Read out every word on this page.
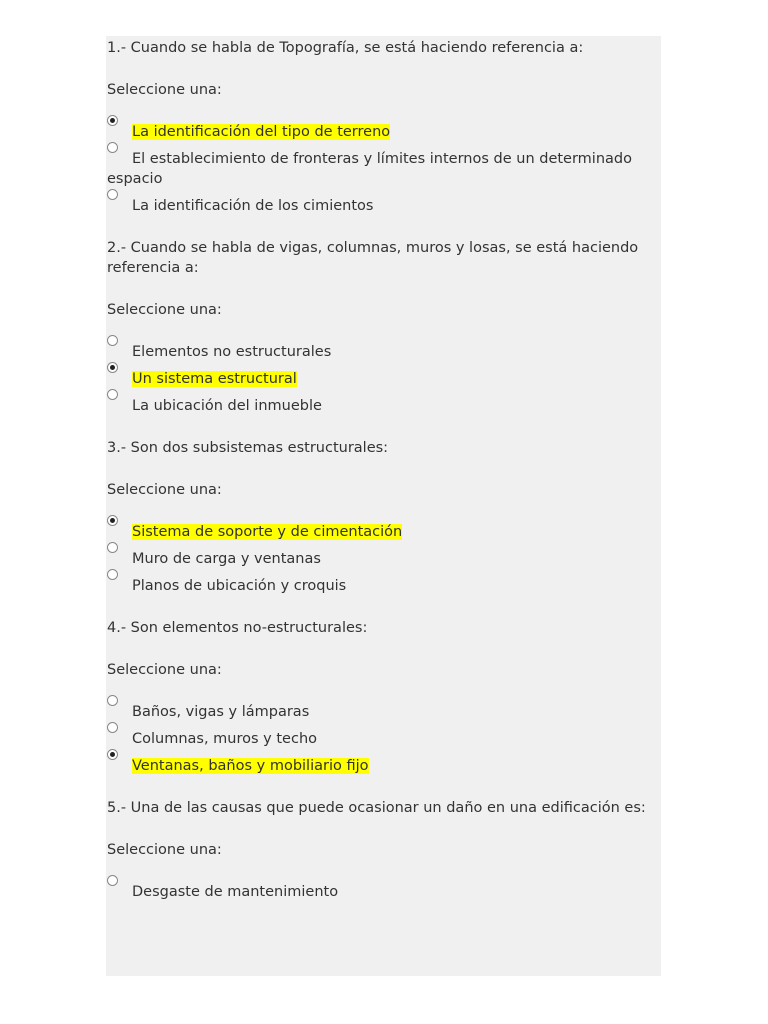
1.- Cuando se habla de Topografía, se está haciendo referencia a:
Seleccione una:
La identificación del tipo de terreno
El establecimiento de fronteras y límites internos de un determinado espacio
La identificación de los cimientos
2.- Cuando se habla de vigas, columnas, muros y losas, se está haciendo referencia a:
Seleccione una:
Elementos no estructurales
Un sistema estructural
La ubicación del inmueble
3.- Son dos subsistemas estructurales:
Seleccione una:
Sistema de soporte y de cimentación
Muro de carga y ventanas
Planos de ubicación y croquis
4.- Son elementos no-estructurales:
Seleccione una:
Baños, vigas y lámparas
Columnas, muros y techo
Ventanas, baños y mobiliario fijo
5.- Una de las causas que puede ocasionar un daño en una edificación es:
Seleccione una:
Desgaste de mantenimiento
